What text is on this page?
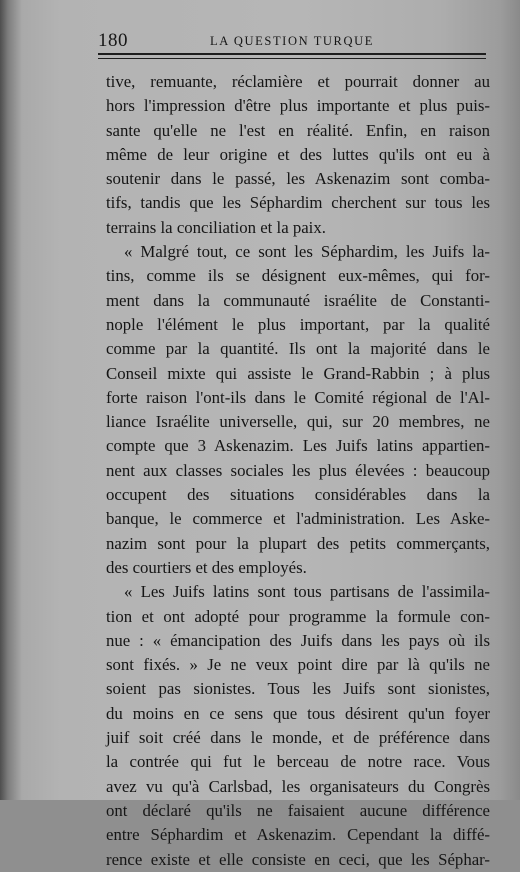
180	LA QUESTION TURQUE
tive, remuante, réclamière et pourrait donner au
hors l'impression d'être plus importante et plus puis-
sante qu'elle ne l'est en réalité. Enfin, en raison
même de leur origine et des luttes qu'ils ont eu à
soutenir dans le passé, les Askenazim sont comba-
tifs, tandis que les Séphardim cherchent sur tous les
terrains la conciliation et la paix.
« Malgré tout, ce sont les Séphardim, les Juifs la-
tins, comme ils se désignent eux-mêmes, qui for-
ment dans la communauté israélite de Constanti-
nople l'élément le plus important, par la qualité
comme par la quantité. Ils ont la majorité dans le
Conseil mixte qui assiste le Grand-Rabbin ; à plus
forte raison l'ont-ils dans le Comité régional de l'Al-
liance Israélite universelle, qui, sur 20 membres, ne
compte que 3 Askenazim. Les Juifs latins appartien-
nent aux classes sociales les plus élevées : beaucoup
occupent des situations considérables dans la
banque, le commerce et l'administration. Les Aske-
nazim sont pour la plupart des petits commerçants,
des courtiers et des employés.
« Les Juifs latins sont tous partisans de l'assimila-
tion et ont adopté pour programme la formule con-
nue : « émancipation des Juifs dans les pays où ils
sont fixés. » Je ne veux point dire par là qu'ils ne
soient pas sionistes. Tous les Juifs sont sionistes,
du moins en ce sens que tous désirent qu'un foyer
juif soit créé dans le monde, et de préférence dans
la contrée qui fut le berceau de notre race. Vous
avez vu qu'à Carlsbad, les organisateurs du Congrès
ont déclaré qu'ils ne faisaient aucune différence
entre Séphardim et Askenazim. Cependant la diffé-
rence existe et elle consiste en ceci, que les Séphar-
